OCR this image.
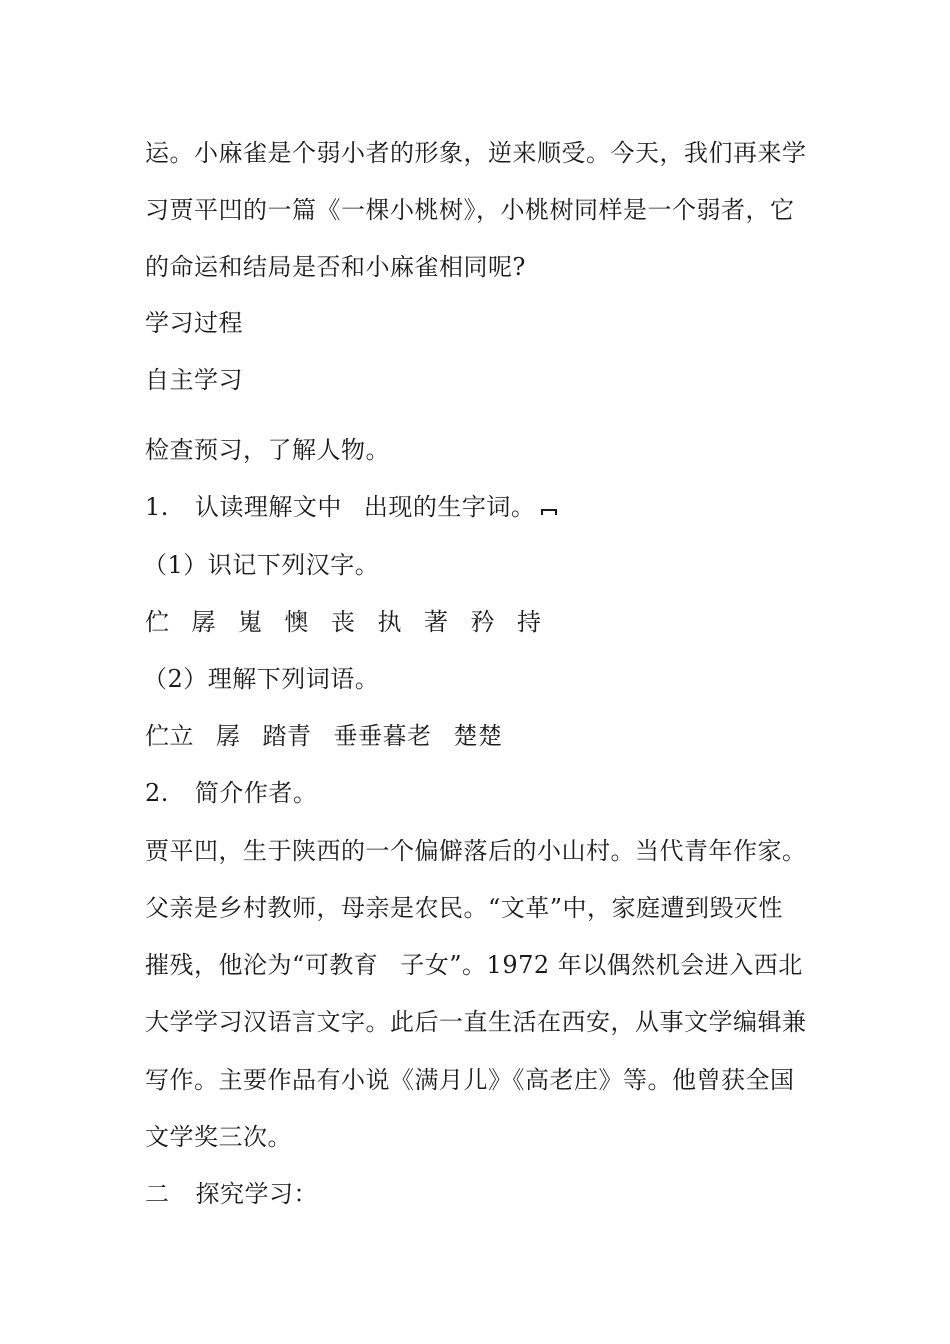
运。小麻雀是个弱小者的形象，逆来顺受。今天，我们再来学

习贾平凹的一篇《一棵小桃树》，小桃树同样是一个弱者，它

的命运和结局是否和小麻雀相同呢?

学习过程

自主学习

检查预习，了解人物。

1. 认读理解文中 出现的生字词。

（1）识记下列汉字。

伫 孱 嵬 懊 丧 执 著 矜 持

（2）理解下列词语。

伫立 孱 踏青 垂垂暮老 楚楚

2. 简介作者。

贾平凹，生于陕西的一个偏僻落后的小山村。当代青年作家。

父亲是乡村教师，母亲是农民。“文革”中，家庭遭到毁灭性

摧残，他沦为“可教育 子女”。1972 年以偶然机会进入西北

大学学习汉语言文字。此后一直生活在西安，从事文学编辑兼

写作。主要作品有小说《满月儿》《高老庄》等。他曾获全国

文学奖三次。

二 探究学习：
